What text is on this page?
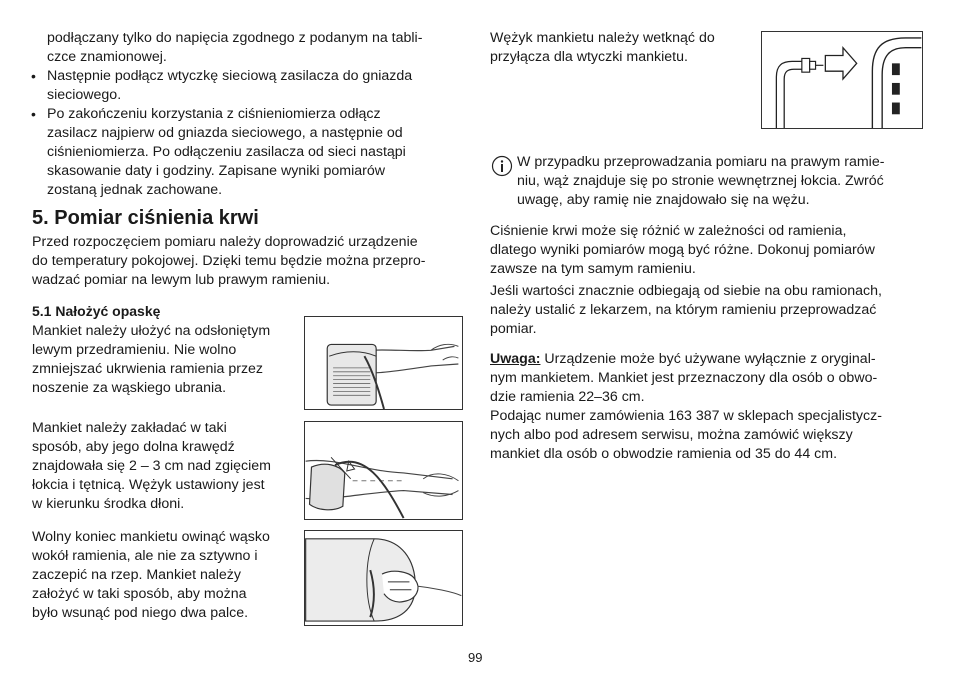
podłączany tylko do napięcia zgodnego z podanym na tabli-
czce znamionowej.
• Następnie podłącz wtyczkę sieciową zasilacza do gniazda
sieciowego.
• Po zakończeniu korzystania z ciśnieniomierza odłącz
zasilacz najpierw od gniazda sieciowego, a następnie od
ciśnieniomierza. Po odłączeniu zasilacza od sieci nastąpi
skasowanie daty i godziny. Zapisane wyniki pomiarów
zostaną jednak zachowane.
5. Pomiar ciśnienia krwi
Przed rozpoczęciem pomiaru należy doprowadzić urządzenie
do temperatury pokojowej. Dzięki temu będzie można przepro-
wadzać pomiar na lewym lub prawym ramieniu.
5.1 Nałożyć opaskę
Mankiet należy ułożyć na odsłoniętym
lewym przedramieniu. Nie wolno
zmniejszać ukrwienia ramienia przez
noszenie za wąskiego ubrania.
Mankiet należy zakładać w taki
sposób, aby jego dolna krawędź
znajdowała się 2 – 3 cm nad zgięciem
łokcia i tętnicą. Wężyk ustawiony jest
w kierunku środka dłoni.
Wolny koniec mankietu owinąć wąsko
wokół ramienia, ale nie za sztywno i
zaczepić na rzep. Mankiet należy
założyć w taki sposób, aby można
było wsunąć pod niego dwa palce.
Wężyk mankietu należy wetknąć do
przyłącza dla wtyczki mankietu.
W przypadku przeprowadzania pomiaru na prawym ramie-
niu, wąż znajduje się po stronie wewnętrznej łokcia. Zwróć
uwagę, aby ramię nie znajdowało się na wężu.
Ciśnienie krwi może się różnić w zależności od ramienia,
dlatego wyniki pomiarów mogą być różne. Dokonuj pomiarów
zawsze na tym samym ramieniu.
Jeśli wartości znacznie odbiegają od siebie na obu ramionach,
należy ustalić z lekarzem, na którym ramieniu przeprowadzać
pomiar.
Uwaga: Urządzenie może być używane wyłącznie z oryginal-
nym mankietem. Mankiet jest przeznaczony dla osób o obwo-
dzie ramienia 22–36 cm.
Podając numer zamówienia 163 387 w sklepach specjalistycz-
nych albo pod adresem serwisu, można zamówić większy
mankiet dla osób o obwodzie ramienia od 35 do 44 cm.
99
